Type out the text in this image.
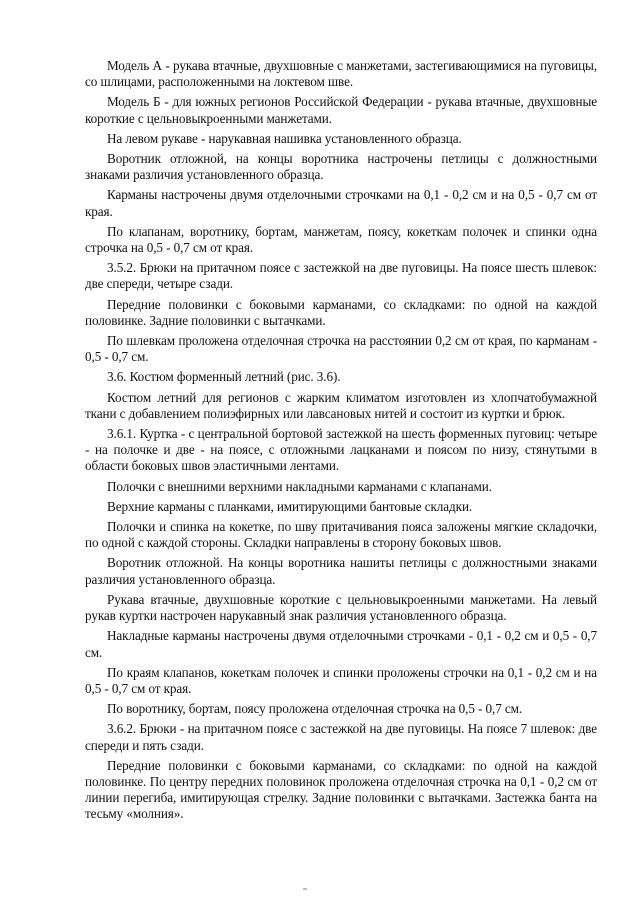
Модель А - рукава втачные, двухшовные с манжетами, застегивающимися на пуговицы, со шлицами, расположенными на локтевом шве.

Модель Б - для южных регионов Российской Федерации - рукава втачные, двухшовные короткие с цельновыкроенными манжетами.

На левом рукаве - нарукавная нашивка установленного образца.

Воротник отложной, на концы воротника настрочены петлицы с должностными знаками различия установленного образца.

Карманы настрочены двумя отделочными строчками на 0,1 - 0,2 см и на 0,5 - 0,7 см от края.

По клапанам, воротнику, бортам, манжетам, поясу, кокеткам полочек и спинки одна строчка на 0,5 - 0,7 см от края.

3.5.2. Брюки на притачном поясе с застежкой на две пуговицы. На поясе шесть шлевок: две спереди, четыре сзади.

Передние половинки с боковыми карманами, со складками: по одной на каждой половинке. Задние половинки с вытачками.

По шлевкам проложена отделочная строчка на расстоянии 0,2 см от края, по карманам - 0,5 - 0,7 см.

3.6. Костюм форменный летний (рис. 3.6).

Костюм летний для регионов с жарким климатом изготовлен из хлопчатобумажной ткани с добавлением полиэфирных или лавсановых нитей и состоит из куртки и брюк.

3.6.1. Куртка - с центральной бортовой застежкой на шесть форменных пуговиц: четыре - на полочке и две - на поясе, с отложными лацканами и поясом по низу, стянутыми в области боковых швов эластичными лентами.

Полочки с внешними верхними накладными карманами с клапанами.

Верхние карманы с планками, имитирующими бантовые складки.

Полочки и спинка на кокетке, по шву притачивания пояса заложены мягкие складочки, по одной с каждой стороны. Складки направлены в сторону боковых швов.

Воротник отложной. На концы воротника нашиты петлицы с должностными знаками различия установленного образца.

Рукава втачные, двухшовные короткие с цельновыкроенными манжетами. На левый рукав куртки настрочен нарукавный знак различия установленного образца.

Накладные карманы настрочены двумя отделочными строчками - 0,1 - 0,2 см и 0,5 - 0,7 см.

По краям клапанов, кокеткам полочек и спинки проложены строчки на 0,1 - 0,2 см и на 0,5 - 0,7 см от края.

По воротнику, бортам, поясу проложена отделочная строчка на 0,5 - 0,7 см.

3.6.2. Брюки - на притачном поясе с застежкой на две пуговицы. На поясе 7 шлевок: две спереди и пять сзади.

Передние половинки с боковыми карманами, со складками: по одной на каждой половинке. По центру передних половинок проложена отделочная строчка на 0,1 - 0,2 см от линии перегиба, имитирующая стрелку. Задние половинки с вытачками. Застежка банта на тесьму «молния».
